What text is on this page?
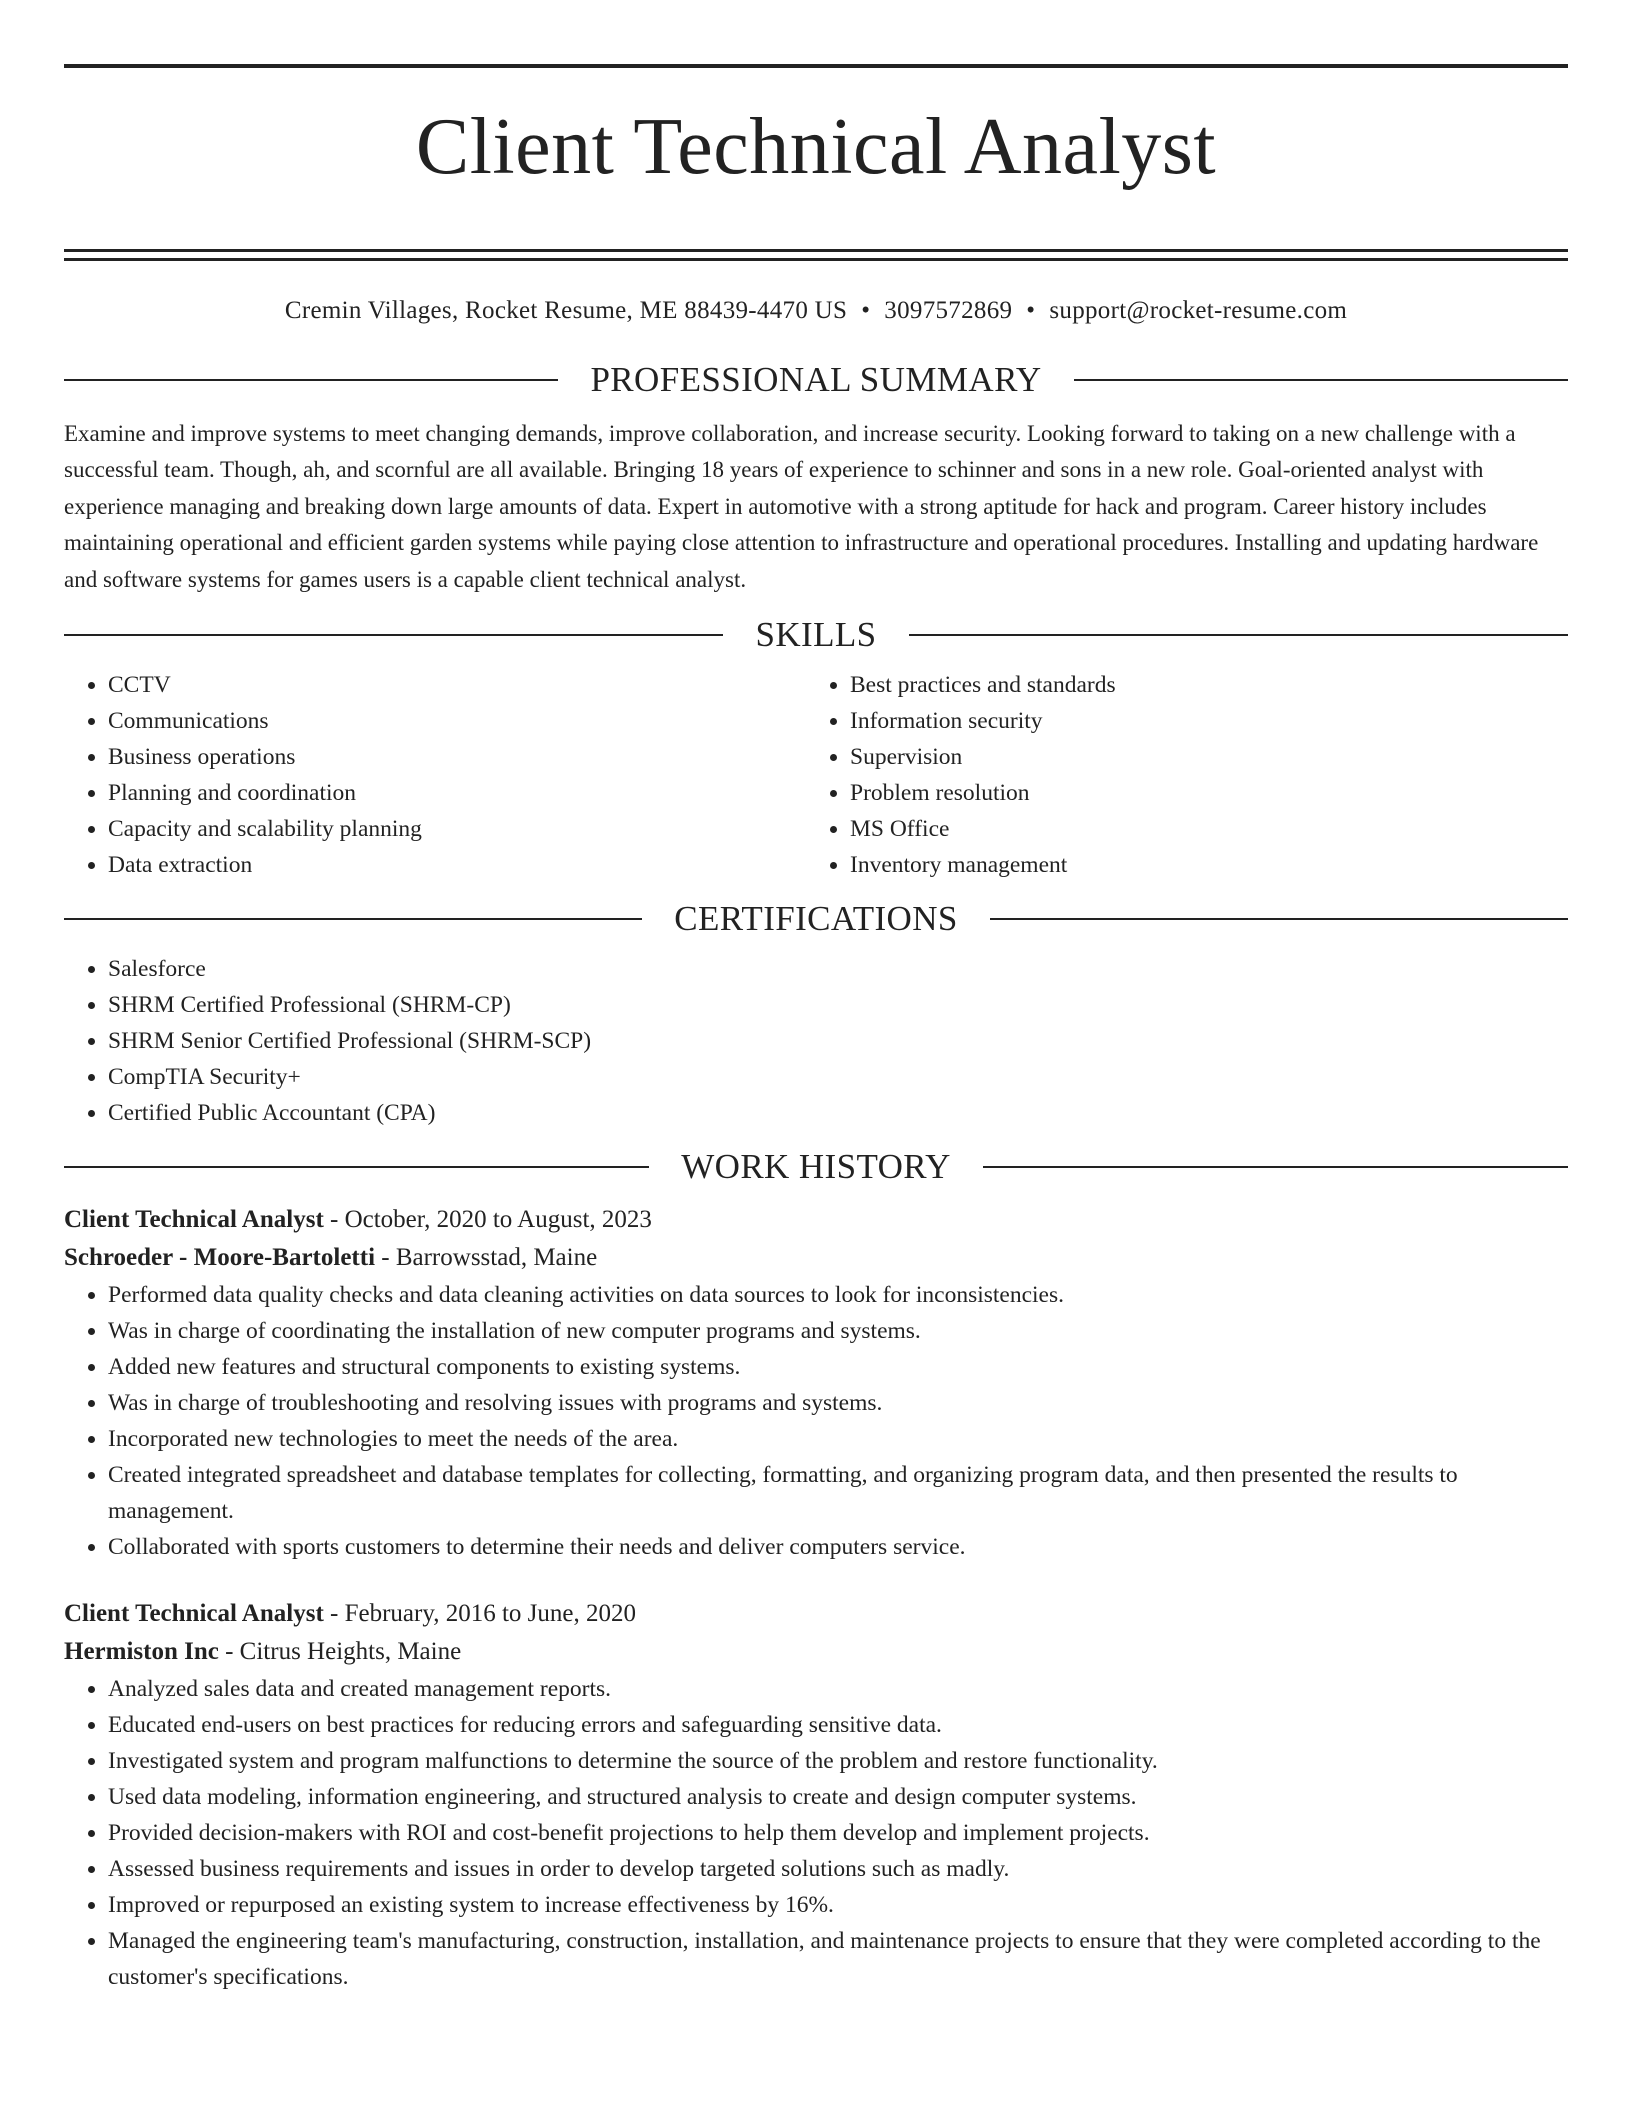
Client Technical Analyst
Cremin Villages, Rocket Resume, ME 88439-4470 US • 3097572869 • support@rocket-resume.com
PROFESSIONAL SUMMARY
Examine and improve systems to meet changing demands, improve collaboration, and increase security. Looking forward to taking on a new challenge with a successful team. Though, ah, and scornful are all available. Bringing 18 years of experience to schinner and sons in a new role. Goal-oriented analyst with experience managing and breaking down large amounts of data. Expert in automotive with a strong aptitude for hack and program. Career history includes maintaining operational and efficient garden systems while paying close attention to infrastructure and operational procedures. Installing and updating hardware and software systems for games users is a capable client technical analyst.
SKILLS
• CCTV
• Communications
• Business operations
• Planning and coordination
• Capacity and scalability planning
• Data extraction
• Best practices and standards
• Information security
• Supervision
• Problem resolution
• MS Office
• Inventory management
CERTIFICATIONS
• Salesforce
• SHRM Certified Professional (SHRM-CP)
• SHRM Senior Certified Professional (SHRM-SCP)
• CompTIA Security+
• Certified Public Accountant (CPA)
WORK HISTORY
Client Technical Analyst - October, 2020 to August, 2023
Schroeder - Moore-Bartoletti - Barrowsstad, Maine
• Performed data quality checks and data cleaning activities on data sources to look for inconsistencies.
• Was in charge of coordinating the installation of new computer programs and systems.
• Added new features and structural components to existing systems.
• Was in charge of troubleshooting and resolving issues with programs and systems.
• Incorporated new technologies to meet the needs of the area.
• Created integrated spreadsheet and database templates for collecting, formatting, and organizing program data, and then presented the results to management.
• Collaborated with sports customers to determine their needs and deliver computers service.
Client Technical Analyst - February, 2016 to June, 2020
Hermiston Inc - Citrus Heights, Maine
• Analyzed sales data and created management reports.
• Educated end-users on best practices for reducing errors and safeguarding sensitive data.
• Investigated system and program malfunctions to determine the source of the problem and restore functionality.
• Used data modeling, information engineering, and structured analysis to create and design computer systems.
• Provided decision-makers with ROI and cost-benefit projections to help them develop and implement projects.
• Assessed business requirements and issues in order to develop targeted solutions such as madly.
• Improved or repurposed an existing system to increase effectiveness by 16%.
• Managed the engineering team's manufacturing, construction, installation, and maintenance projects to ensure that they were completed according to the customer's specifications.
